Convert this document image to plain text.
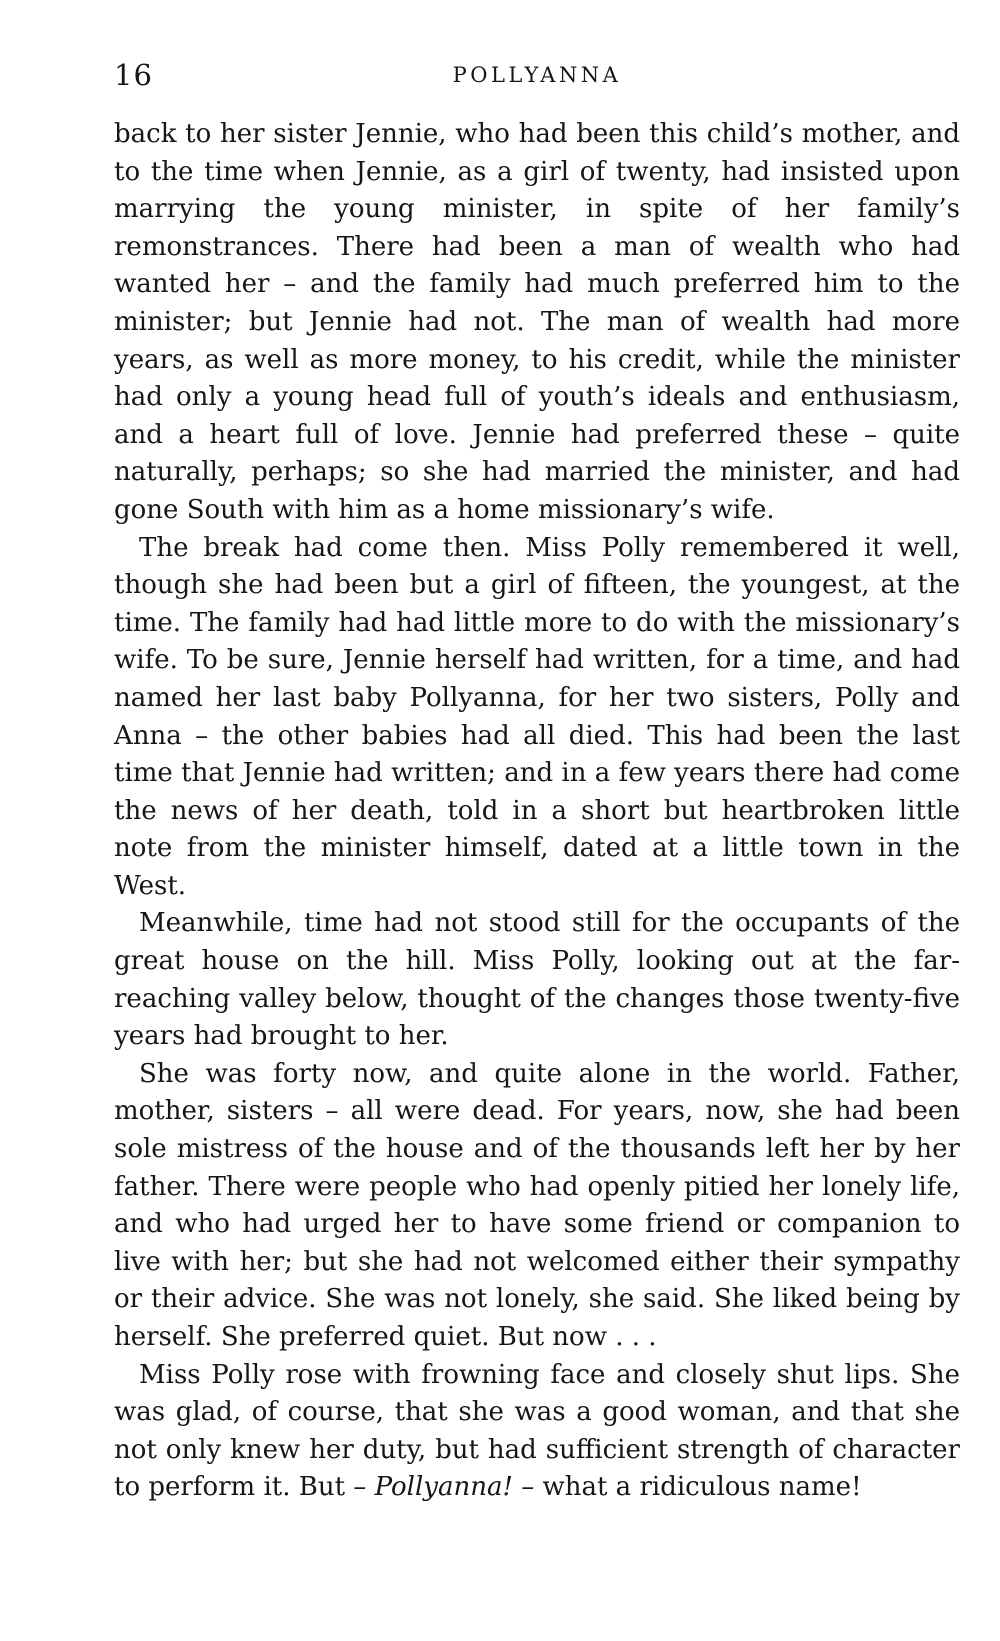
16	POLLYANNA

back to her sister Jennie, who had been this child’s mother, and to the time when Jennie, as a girl of twenty, had insisted upon marrying the young minister, in spite of her family’s remonstrances. There had been a man of wealth who had wanted her – and the family had much preferred him to the minister; but Jennie had not. The man of wealth had more years, as well as more money, to his credit, while the minister had only a young head full of youth’s ideals and enthusiasm, and a heart full of love. Jennie had preferred these – quite naturally, perhaps; so she had married the minister, and had gone South with him as a home missionary’s wife.

The break had come then. Miss Polly remembered it well, though she had been but a girl of fifteen, the youngest, at the time. The family had had little more to do with the missionary’s wife. To be sure, Jennie herself had written, for a time, and had named her last baby Pollyanna, for her two sisters, Polly and Anna – the other babies had all died. This had been the last time that Jennie had written; and in a few years there had come the news of her death, told in a short but heartbroken little note from the minister himself, dated at a little town in the West.

Meanwhile, time had not stood still for the occupants of the great house on the hill. Miss Polly, looking out at the far-reaching valley below, thought of the changes those twenty-five years had brought to her.

She was forty now, and quite alone in the world. Father, mother, sisters – all were dead. For years, now, she had been sole mistress of the house and of the thousands left her by her father. There were people who had openly pitied her lonely life, and who had urged her to have some friend or companion to live with her; but she had not welcomed either their sympathy or their advice. She was not lonely, she said. She liked being by herself. She preferred quiet. But now . . .

Miss Polly rose with frowning face and closely shut lips. She was glad, of course, that she was a good woman, and that she not only knew her duty, but had sufficient strength of character to perform it. But – Pollyanna! – what a ridiculous name!
